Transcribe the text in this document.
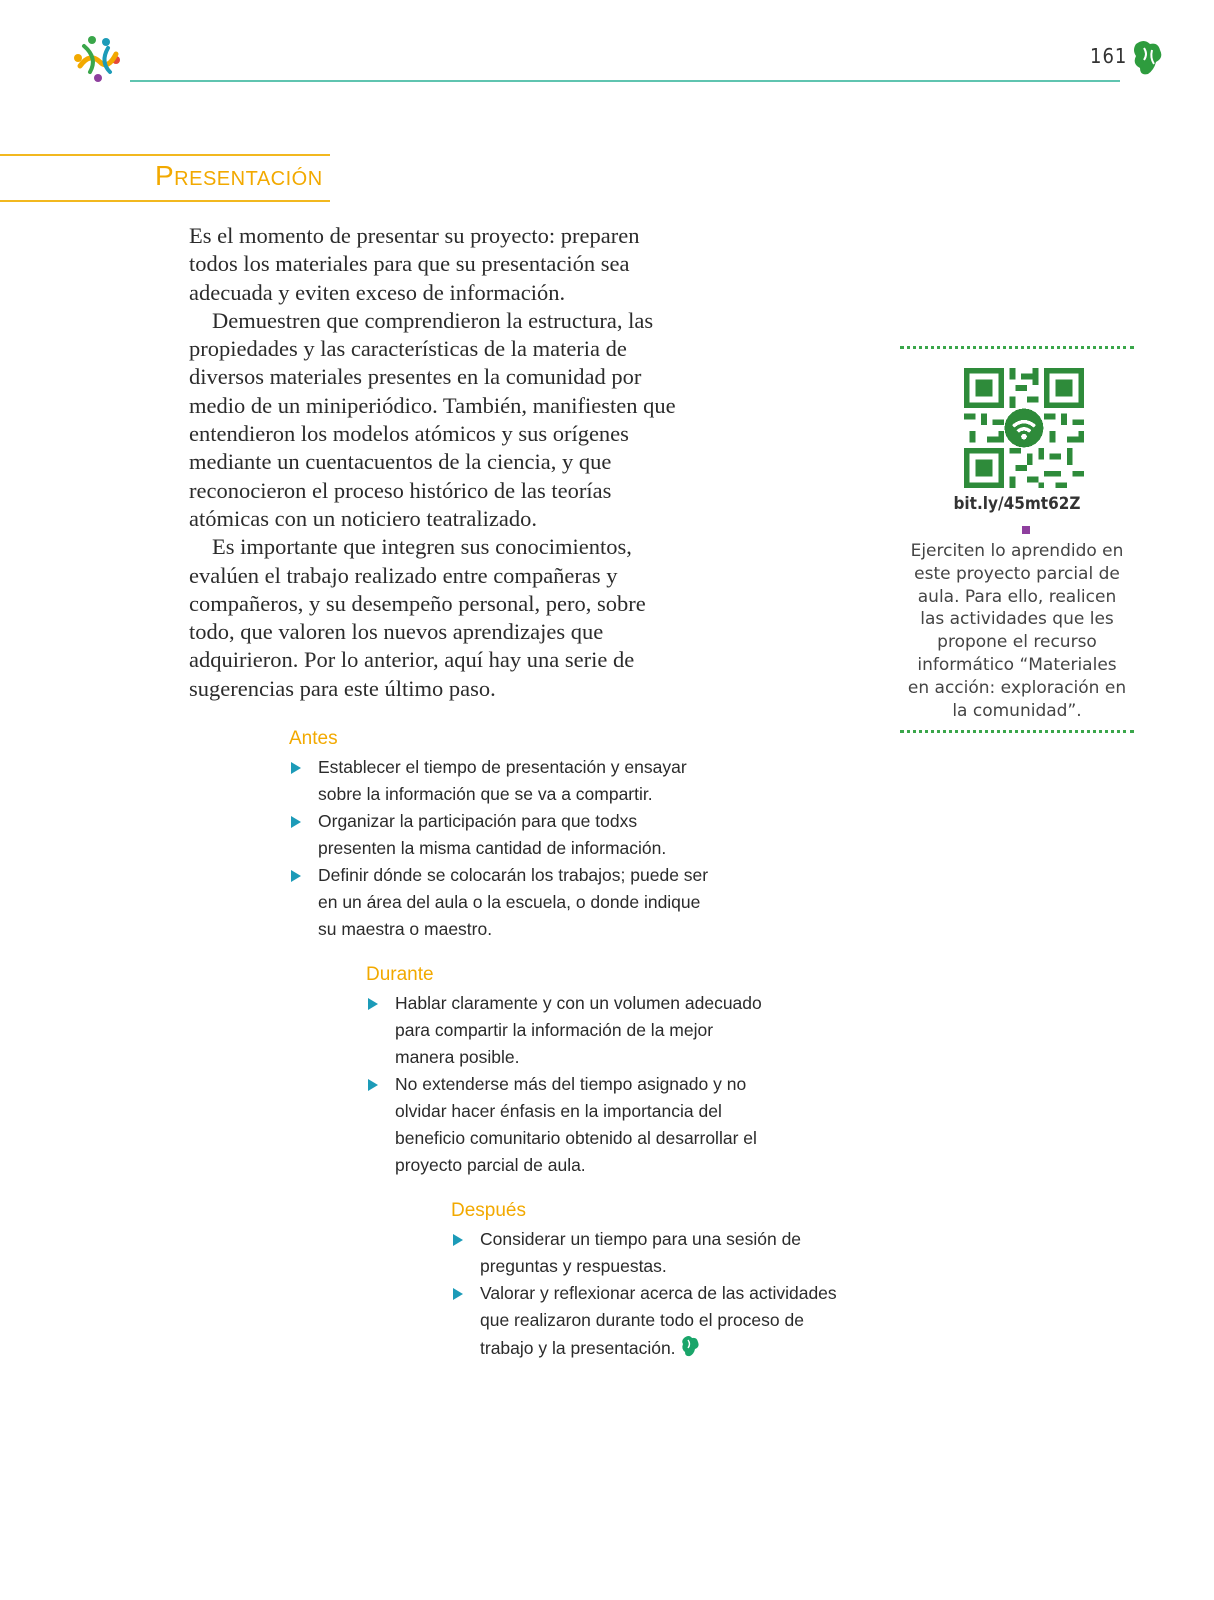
161
Presentación

Es el momento de presentar su proyecto: preparen todos los materiales para que su presentación sea adecuada y eviten exceso de información.

Demuestren que comprendieron la estructura, las propiedades y las características de la materia de diversos materiales presentes en la comunidad por medio de un miniperiódico. También, manifiesten que entendieron los modelos atómicos y sus orígenes mediante un cuentacuentos de la ciencia, y que reconocieron el proceso histórico de las teorías atómicas con un noticiero teatralizado.

Es importante que integren sus conocimientos, evalúen el trabajo realizado entre compañeras y compañeros, y su desempeño personal, pero, sobre todo, que valoren los nuevos aprendizajes que adquirieron. Por lo anterior, aquí hay una serie de sugerencias para este último paso.

Antes
Establecer el tiempo de presentación y ensayar sobre la información que se va a compartir.
Organizar la participación para que todxs presenten la misma cantidad de información.
Definir dónde se colocarán los trabajos; puede ser en un área del aula o la escuela, o donde indique su maestra o maestro.
Durante
Hablar claramente y con un volumen adecuado para compartir la información de la mejor manera posible.
No extenderse más del tiempo asignado y no olvidar hacer énfasis en la importancia del beneficio comunitario obtenido al desarrollar el proyecto parcial de aula.
Después
Considerar un tiempo para una sesión de preguntas y respuestas.
Valorar y reflexionar acerca de las actividades que realizaron durante todo el proceso de trabajo y la presentación.
bit.ly/45mt62Z
Ejerciten lo aprendido en este proyecto parcial de aula. Para ello, realicen las actividades que les propone el recurso informático “Materiales en acción: exploración en la comunidad”.
